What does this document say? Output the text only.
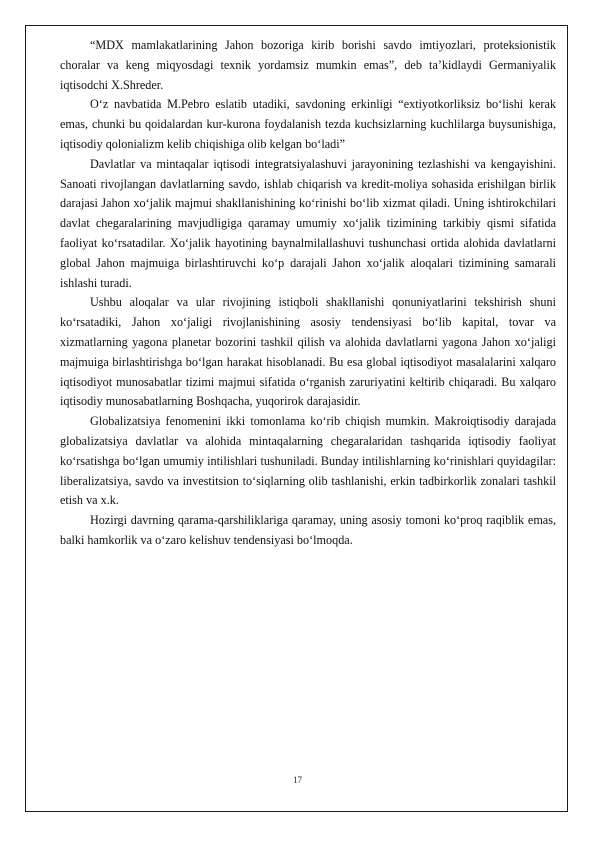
“MDX mamlakatlarining Jahon bozoriga kirib borishi savdo imtiyozlari, proteksionistik choralar va keng miqyosdagi texnik yordamsiz mumkin emas”, deb ta’kidlaydi Germaniyalik iqtisodchi X.Shreder.

O‘z navbatida M.Pebro eslatib utadiki, savdoning erkinligi “extiyotkorliksiz bo‘lishi kerak emas, chunki bu qoidalardan kur-kurona foydalanish tezda kuchsizlarning kuchlilarga buysunishiga, iqtisodiy qolonializm kelib chiqishiga olib kelgan bo‘ladi”

Davlatlar va mintaqalar iqtisodi integratsiyalashuvi jarayonining tezlashishi va kengayishini. Sanoati rivojlangan davlatlarning savdo, ishlab chiqarish va kredit-moliya sohasida erishilgan birlik darajasi Jahon xo‘jalik majmui shakllanishining ko‘rinishi bo‘lib xizmat qiladi. Uning ishtirokchilari davlat chegaralarining mavjudligiga qaramay umumiy xo‘jalik tizimining tarkibiy qismi sifatida faoliyat ko‘rsatadilar. Xo‘jalik hayotining baynalmilallashuvi tushunchasi ortida alohida davlatlarni global Jahon majmuiga birlashtiruvchi ko‘p darajali Jahon xo‘jalik aloqalari tizimining samarali ishlashi turadi.

Ushbu aloqalar va ular rivojining istiqboli shakllanishi qonuniyatlarini tekshirish shuni ko‘rsatadiki, Jahon xo‘jaligi rivojlanishining asosiy tendensiyasi bo‘lib kapital, tovar va xizmatlarning yagona planetar bozorini tashkil qilish va alohida davlatlarni yagona Jahon xo‘jaligi majmuiga birlashtirishga bo‘lgan harakat hisoblanadi. Bu esa global iqtisodiyot masalalarini xalqaro iqtisodiyot munosabatlar tizimi majmui sifatida o‘rganish zaruriyatini keltirib chiqaradi. Bu xalqaro iqtisodiy munosabatlarning Boshqacha, yuqorirok darajasidir.

Globalizatsiya fenomenini ikki tomonlama ko‘rib chiqish mumkin. Makroiqtisodiy darajada globalizatsiya davlatlar va alohida mintaqalarning chegaralaridan tashqarida iqtisodiy faoliyat ko‘rsatishga bo‘lgan umumiy intilishlari tushuniladi. Bunday intilishlarning ko‘rinishlari quyidagilar: liberalizatsiya, savdo va investitsion to‘siqlarning olib tashlanishi, erkin tadbirkorlik zonalari tashkil etish va x.k.

Hozirgi davrning qarama-qarshiliklariga qaramay, uning asosiy tomoni ko‘proq raqiblik emas, balki hamkorlik va o‘zaro kelishuv tendensiyasi bo‘lmoqda.

17
